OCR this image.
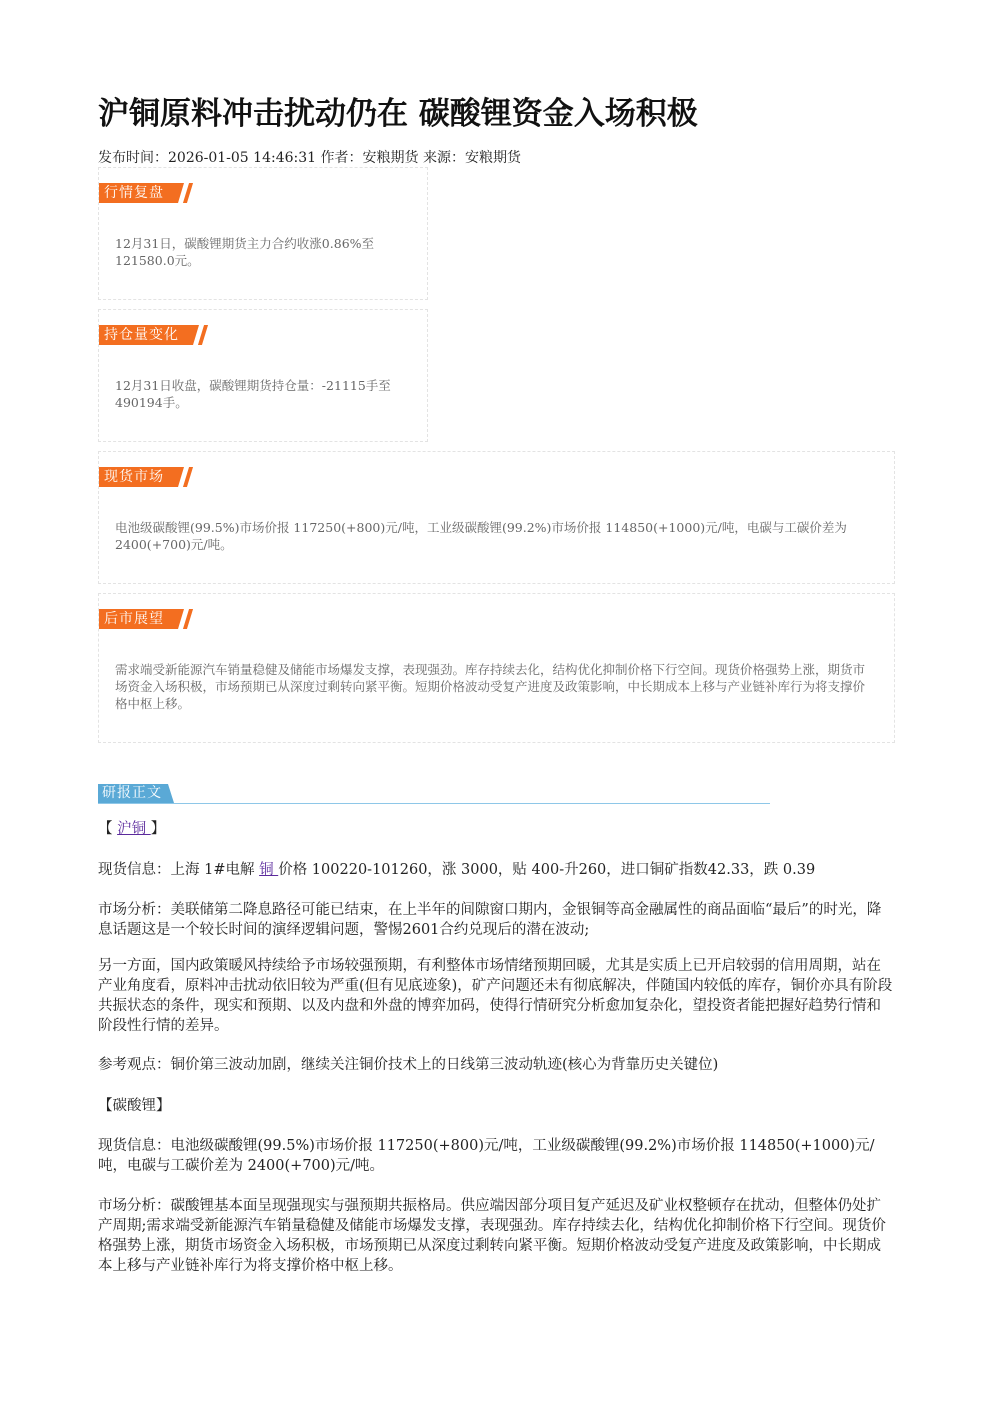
沪铜原料冲击扰动仍在 碳酸锂资金入场积极
发布时间：2026-01-05 14:46:31 作者：安粮期货 来源：安粮期货
行情复盘
12月31日，碳酸锂期货主力合约收涨0.86%至121580.0元。
持仓量变化
12月31日收盘，碳酸锂期货持仓量：-21115手至490194手。
现货市场
电池级碳酸锂(99.5%)市场价报 117250(+800)元/吨，工业级碳酸锂(99.2%)市场价报 114850(+1000)元/吨，电碳与工碳价差为2400(+700)元/吨。
后市展望
需求端受新能源汽车销量稳健及储能市场爆发支撑，表现强劲。库存持续去化，结构优化抑制价格下行空间。现货价格强势上涨，期货市场资金入场积极，市场预期已从深度过剩转向紧平衡。短期价格波动受复产进度及政策影响，中长期成本上移与产业链补库行为将支撑价格中枢上移。
研报正文
【 沪铜 】
现货信息：上海 1#电解 铜 价格 100220-101260，涨 3000，贴 400-升260，进口铜矿指数42.33，跌 0.39
市场分析：美联储第二降息路径可能已结束，在上半年的间隙窗口期内，金银铜等高金融属性的商品面临“最后”的时光，降息话题这是一个较长时间的演绎逻辑问题，警惕2601合约兑现后的潜在波动;
另一方面，国内政策暖风持续给予市场较强预期，有利整体市场情绪预期回暖，尤其是实质上已开启较弱的信用周期，站在产业角度看，原料冲击扰动依旧较为严重(但有见底迹象)，矿产问题还未有彻底解决，伴随国内较低的库存，铜价亦具有阶段共振状态的条件，现实和预期、以及内盘和外盘的博弈加码，使得行情研究分析愈加复杂化，望投资者能把握好趋势行情和阶段性行情的差异。
参考观点：铜价第三波动加剧，继续关注铜价技术上的日线第三波动轨迹(核心为背靠历史关键位)
【碳酸锂】
现货信息：电池级碳酸锂(99.5%)市场价报 117250(+800)元/吨，工业级碳酸锂(99.2%)市场价报 114850(+1000)元/吨，电碳与工碳价差为 2400(+700)元/吨。
市场分析：碳酸锂基本面呈现强现实与强预期共振格局。供应端因部分项目复产延迟及矿业权整顿存在扰动，但整体仍处扩产周期;需求端受新能源汽车销量稳健及储能市场爆发支撑，表现强劲。库存持续去化，结构优化抑制价格下行空间。现货价格强势上涨，期货市场资金入场积极，市场预期已从深度过剩转向紧平衡。短期价格波动受复产进度及政策影响，中长期成本上移与产业链补库行为将支撑价格中枢上移。
